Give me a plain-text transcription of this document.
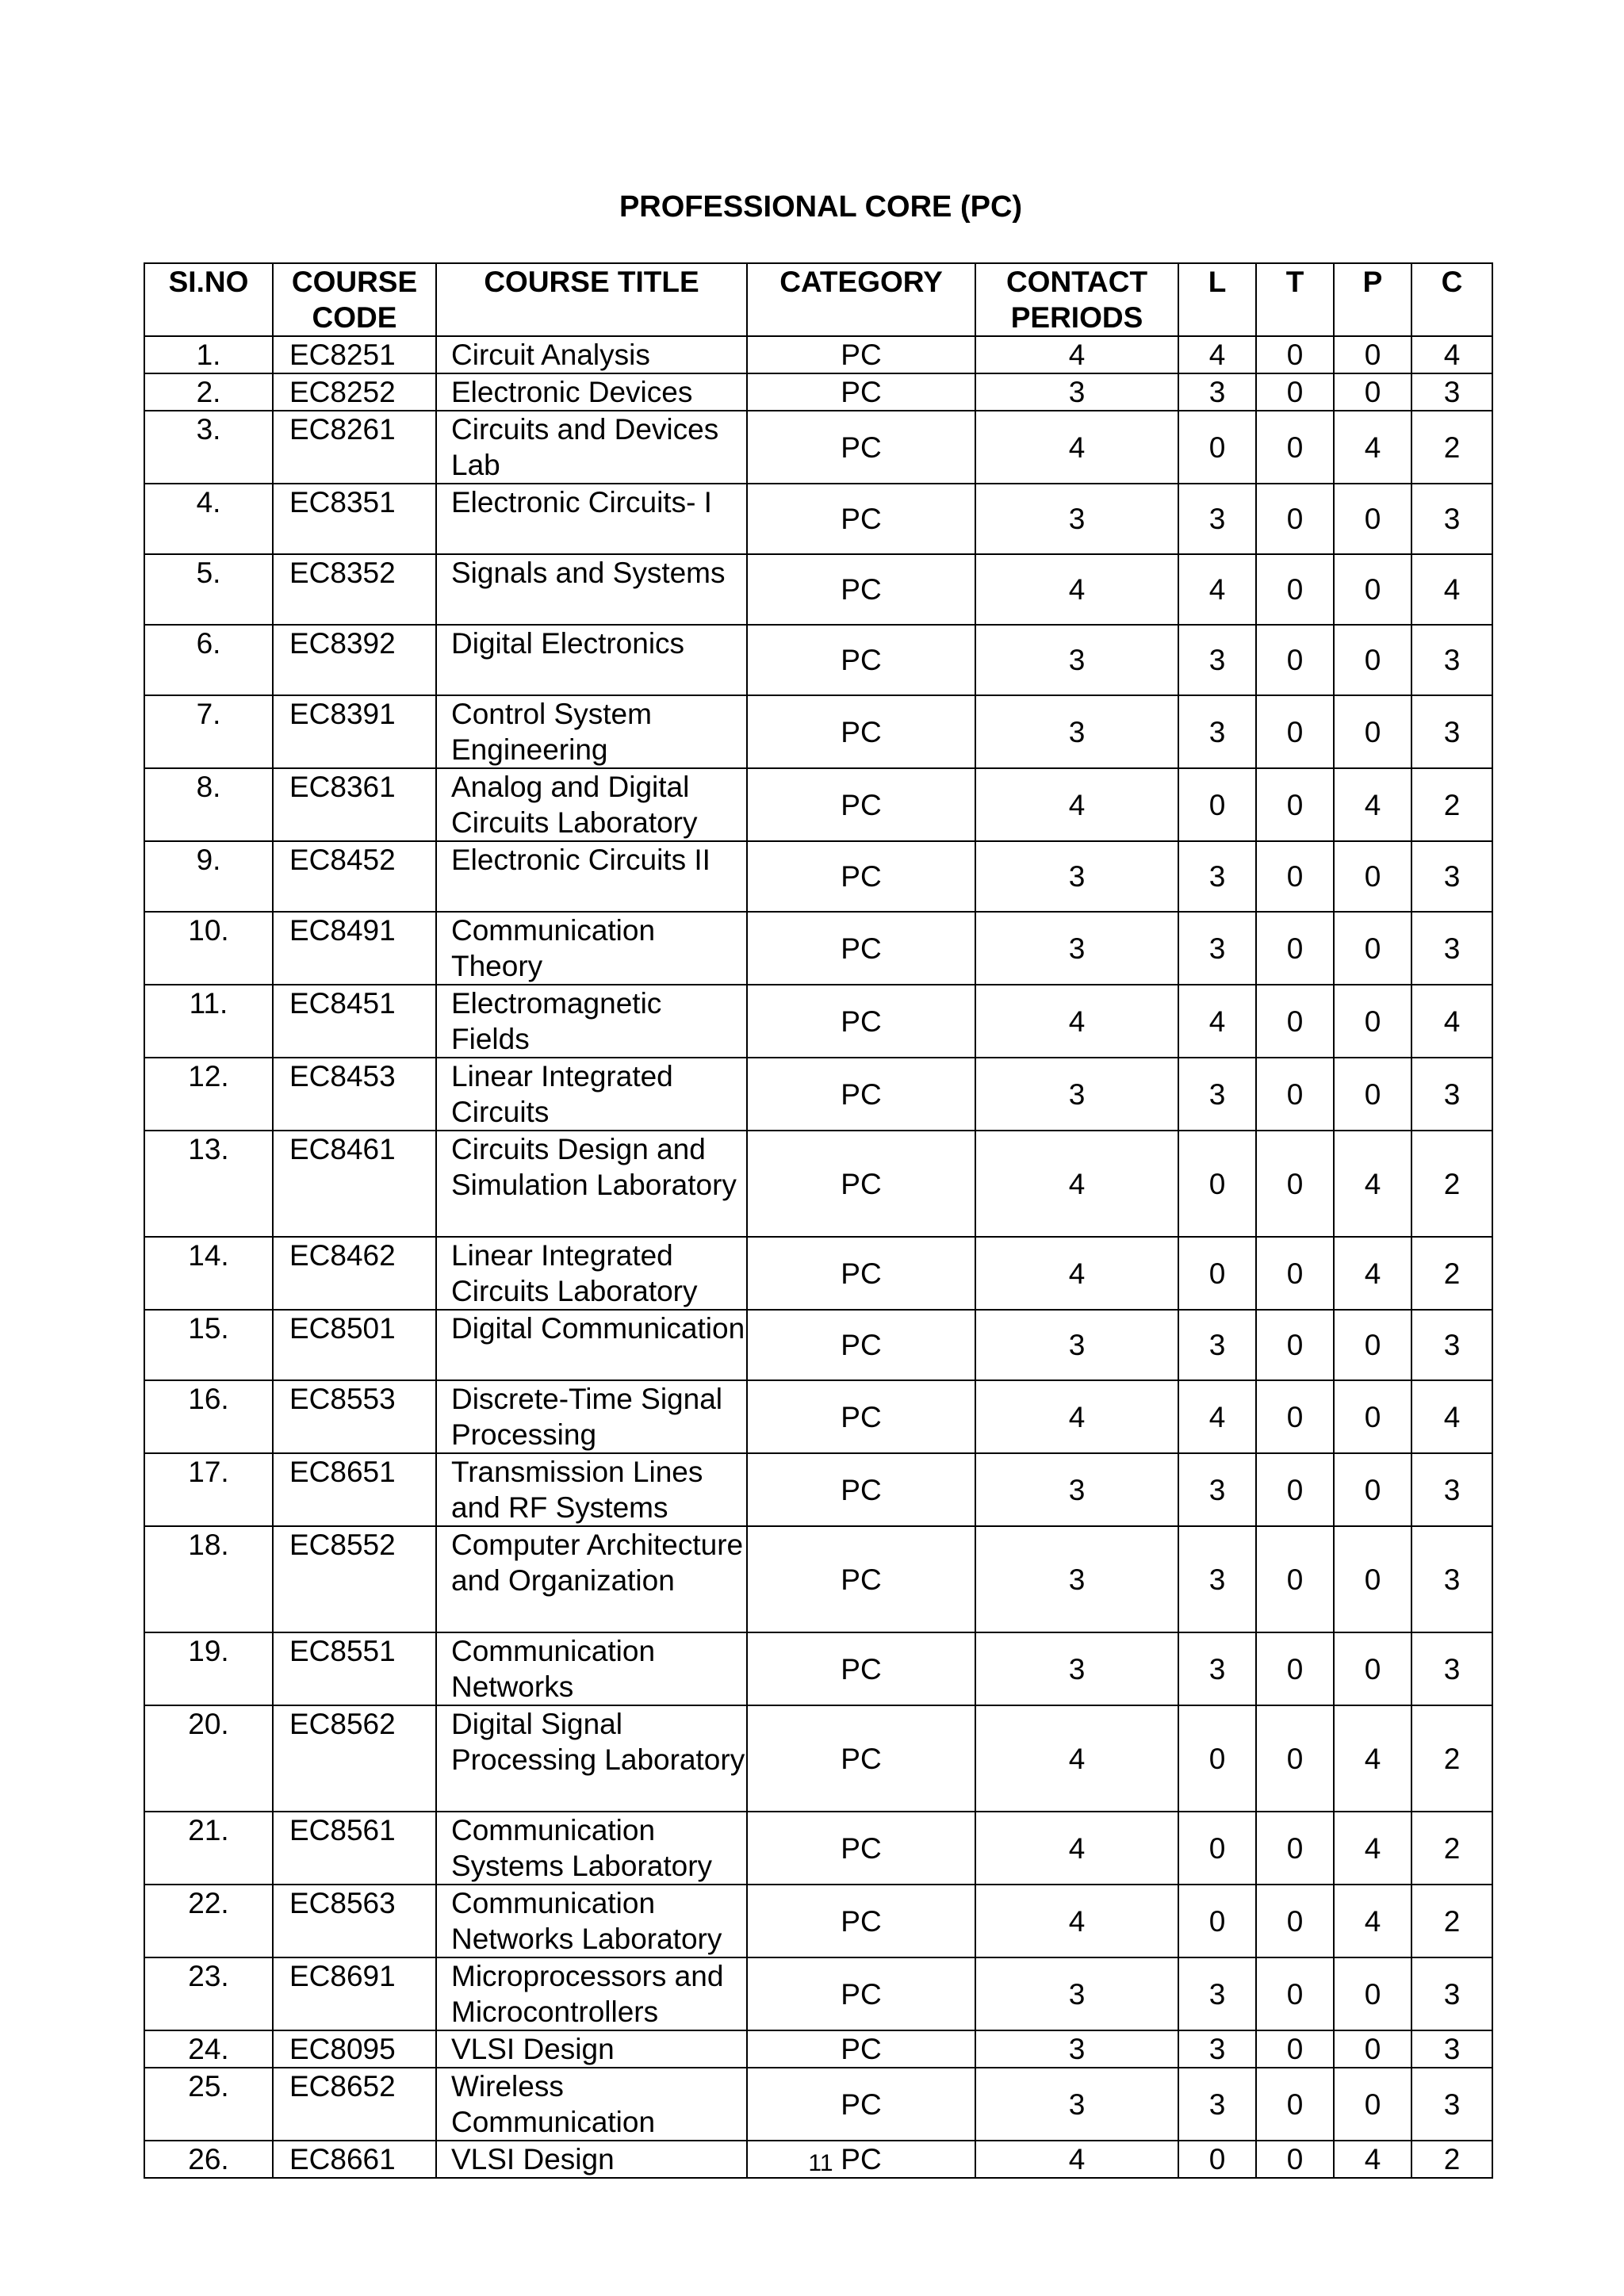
PROFESSIONAL CORE (PC)
SI.NO	COURSE CODE	COURSE TITLE	CATEGORY	CONTACT PERIODS	L	T	P	C
1.	EC8251	Circuit Analysis	PC	4	4	0	0	4
2.	EC8252	Electronic Devices	PC	3	3	0	0	3
3.	EC8261	Circuits and Devices Lab	PC	4	0	0	4	2
4.	EC8351	Electronic Circuits- I	PC	3	3	0	0	3
5.	EC8352	Signals and Systems	PC	4	4	0	0	4
6.	EC8392	Digital Electronics	PC	3	3	0	0	3
7.	EC8391	Control System Engineering	PC	3	3	0	0	3
8.	EC8361	Analog and Digital Circuits Laboratory	PC	4	0	0	4	2
9.	EC8452	Electronic Circuits II	PC	3	3	0	0	3
10.	EC8491	Communication Theory	PC	3	3	0	0	3
11.	EC8451	Electromagnetic Fields	PC	4	4	0	0	4
12.	EC8453	Linear Integrated Circuits	PC	3	3	0	0	3
13.	EC8461	Circuits Design and Simulation Laboratory	PC	4	0	0	4	2
14.	EC8462	Linear Integrated Circuits Laboratory	PC	4	0	0	4	2
15.	EC8501	Digital Communication	PC	3	3	0	0	3
16.	EC8553	Discrete-Time Signal Processing	PC	4	4	0	0	4
17.	EC8651	Transmission Lines and RF Systems	PC	3	3	0	0	3
18.	EC8552	Computer Architecture and Organization	PC	3	3	0	0	3
19.	EC8551	Communication Networks	PC	3	3	0	0	3
20.	EC8562	Digital Signal Processing Laboratory	PC	4	0	0	4	2
21.	EC8561	Communication Systems Laboratory	PC	4	0	0	4	2
22.	EC8563	Communication Networks Laboratory	PC	4	0	0	4	2
23.	EC8691	Microprocessors and Microcontrollers	PC	3	3	0	0	3
24.	EC8095	VLSI Design	PC	3	3	0	0	3
25.	EC8652	Wireless Communication	PC	3	3	0	0	3
26.	EC8661	VLSI Design	PC	4	0	0	4	2
11
